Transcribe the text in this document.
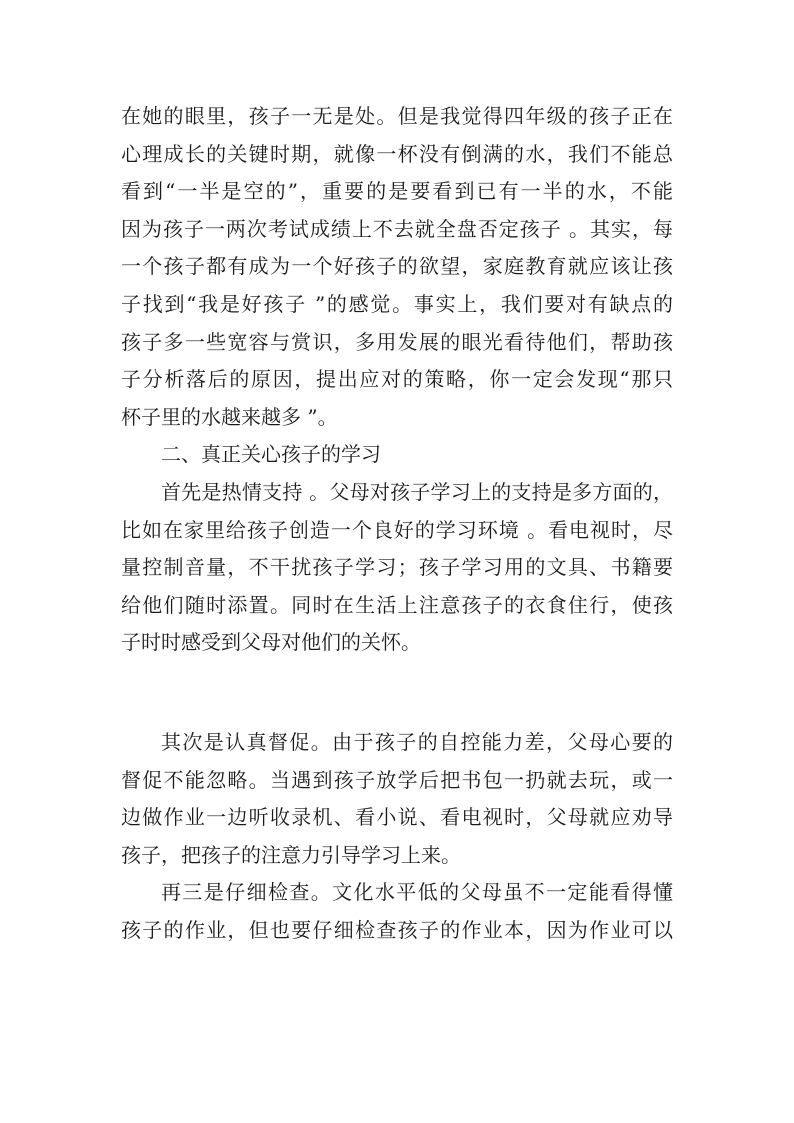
在她的眼里，孩子一无是处。但是我觉得四年级的孩子正在
心理成长的关键时期，就像一杯没有倒满的水，我们不能总
看到“一半是空的”，重要的是要看到已有一半的水，不能
因为孩子一两次考试成绩上不去就全盘否定孩子 。其实，每
一个孩子都有成为一个好孩子的欲望，家庭教育就应该让孩
子找到“我是好孩子 ”的感觉。事实上，我们要对有缺点的
孩子多一些宽容与赏识，多用发展的眼光看待他们，帮助孩
子分析落后的原因，提出应对的策略，你一定会发现“那只
杯子里的水越来越多 ”。
二、真正关心孩子的学习
首先是热情支持 。父母对孩子学习上的支持是多方面的，
比如在家里给孩子创造一个良好的学习环境 。看电视时，尽
量控制音量，不干扰孩子学习；孩子学习用的文具、书籍要
给他们随时添置。同时在生活上注意孩子的衣食住行，使孩
子时时感受到父母对他们的关怀。
其次是认真督促。由于孩子的自控能力差，父母心要的
督促不能忽略。当遇到孩子放学后把书包一扔就去玩，或一
边做作业一边听收录机、看小说、看电视时，父母就应劝导
孩子，把孩子的注意力引导学习上来。
再三是仔细检查。文化水平低的父母虽不一定能看得懂
孩子的作业，但也要仔细检查孩子的作业本，因为作业可以
